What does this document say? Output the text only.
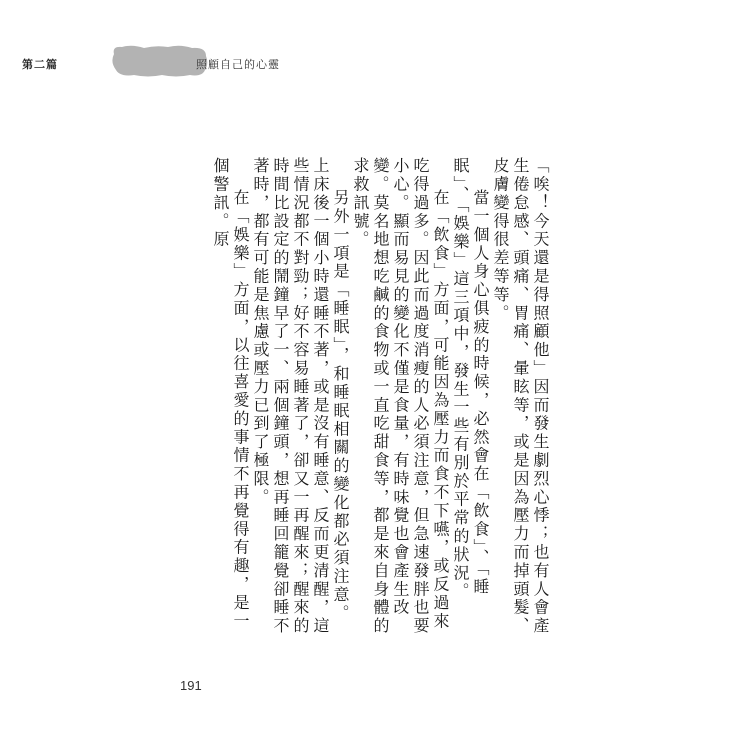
第二篇	照顧自己的心靈

「唉！今天還是得照顧他」因而發生劇烈心悸；也有人會產生倦怠感、頭痛、胃痛、暈眩等，或是因為壓力而掉頭髮、皮膚變得很差等等。

當一個人身心俱疲的時候，必然會在「飲食」、「睡眠」、「娛樂」這三項中，發生一些有別於平常的狀況。

在「飲食」方面，可能因為壓力而食不下嚥，或反過來吃得過多。因此而過度消瘦的人必須注意，但急速發胖也要小心。顯而易見的變化不僅是食量，有時味覺也會產生改變。莫名地想吃鹹的食物或一直吃甜食等，都是來自身體的求救訊號。

另外一項是「睡眠」，和睡眠相關的變化都必須注意。上床後一個小時還睡不著，或是沒有睡意、反而更清醒，這些情況都不對勁；好不容易睡著了，卻又一再醒來；醒來的時間比設定的鬧鐘早了一、兩個鐘頭，想再睡回籠覺卻睡不著時，都有可能是焦慮或壓力已到了極限。

在「娛樂」方面，以往喜愛的事情不再覺得有趣，是一個警訊。原

191
